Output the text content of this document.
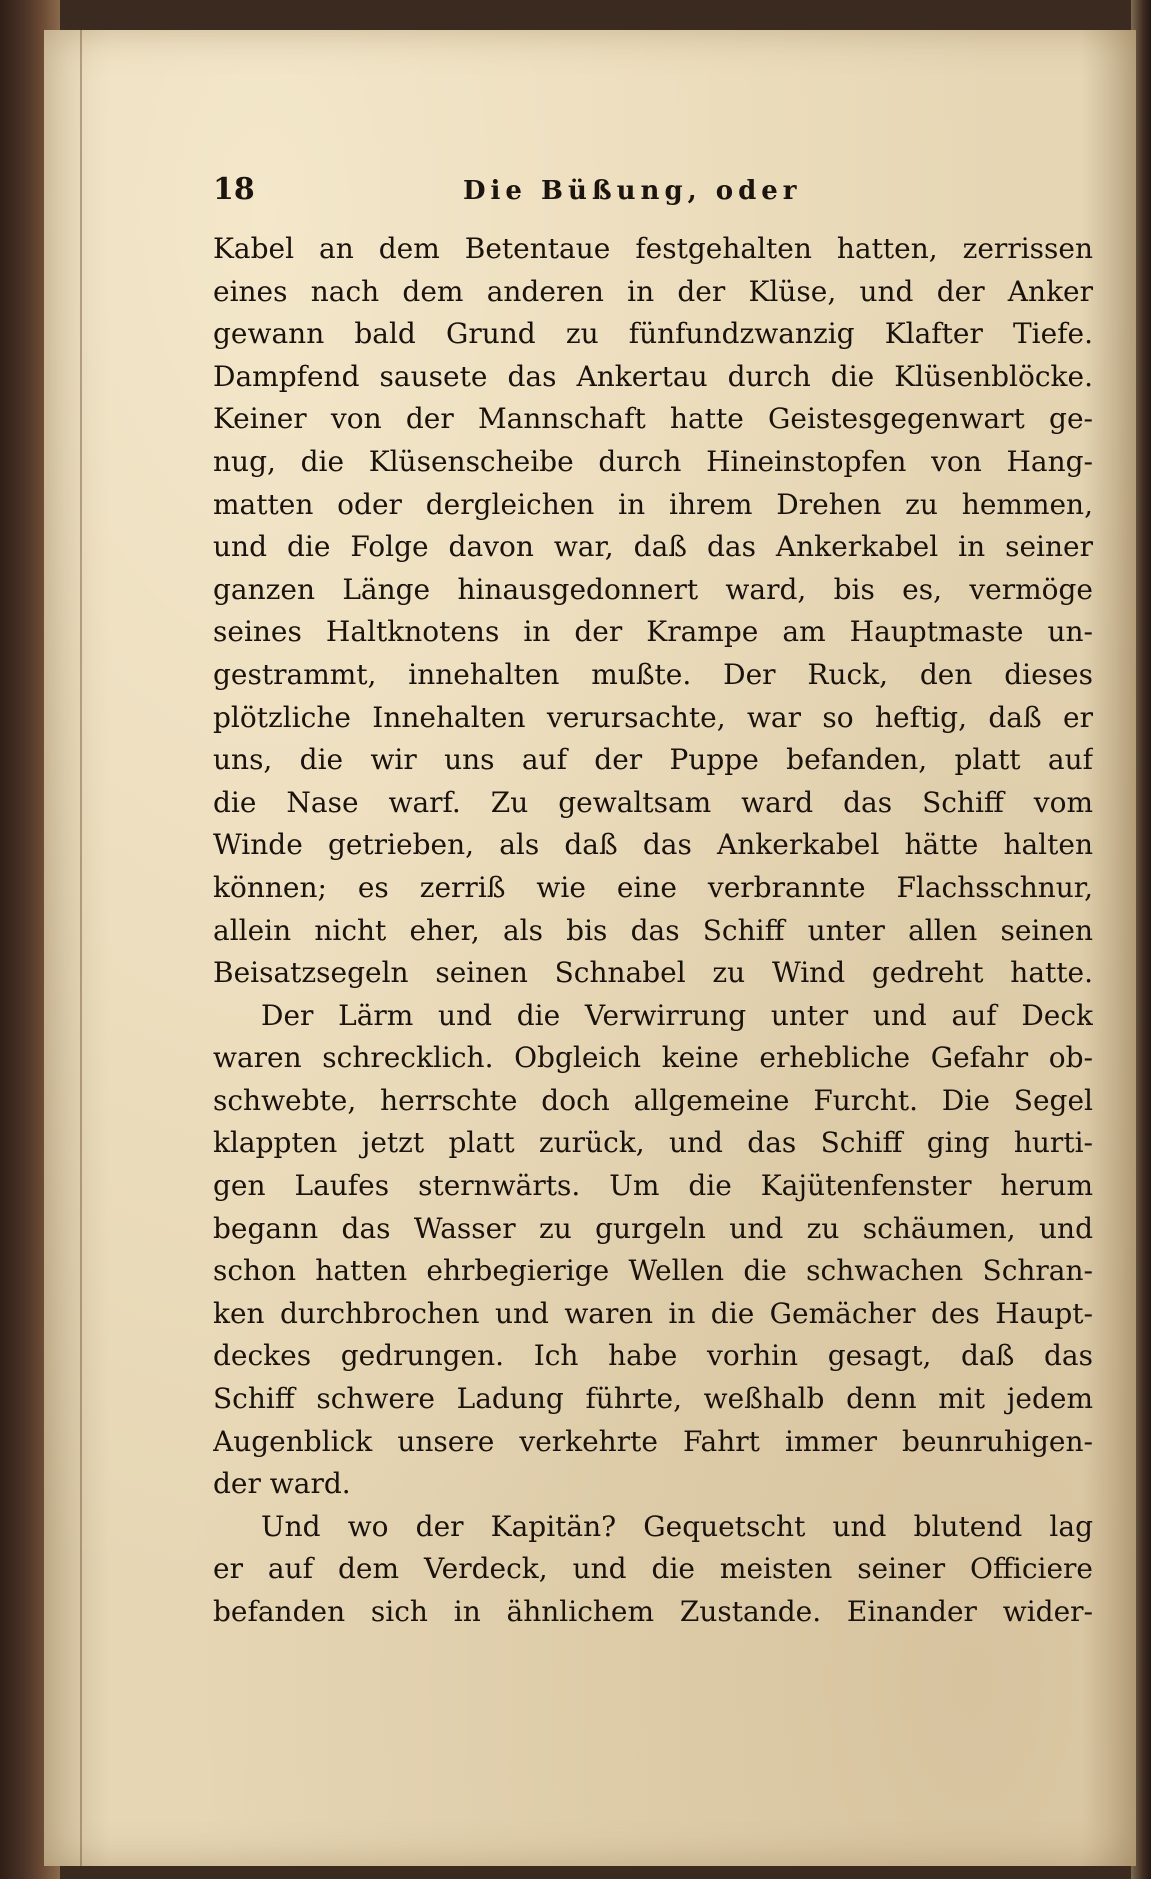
18	Die Büßung, oder
Kabel an dem Betentaue festgehalten hatten, zerrissen
eines nach dem anderen in der Klüse, und der Anker
gewann bald Grund zu fünfundzwanzig Klafter Tiefe.
Dampfend sausete das Ankertau durch die Klüsenblöcke.
Keiner von der Mannschaft hatte Geistesgegenwart ge-
nug, die Klüsenscheibe durch Hineinstopfen von Hang-
matten oder dergleichen in ihrem Drehen zu hemmen,
und die Folge davon war, daß das Ankerkabel in seiner
ganzen Länge hinausgedonnert ward, bis es, vermöge
seines Haltknotens in der Krampe am Hauptmaste un-
gestrammt, innehalten mußte. Der Ruck, den dieses
plötzliche Innehalten verursachte, war so heftig, daß er
uns, die wir uns auf der Puppe befanden, platt auf
die Nase warf. Zu gewaltsam ward das Schiff vom
Winde getrieben, als daß das Ankerkabel hätte halten
können; es zerriß wie eine verbrannte Flachsschnur,
allein nicht eher, als bis das Schiff unter allen seinen
Beisatzsegeln seinen Schnabel zu Wind gedreht hatte.
Der Lärm und die Verwirrung unter und auf Deck
waren schrecklich. Obgleich keine erhebliche Gefahr ob-
schwebte, herrschte doch allgemeine Furcht. Die Segel
klappten jetzt platt zurück, und das Schiff ging hurti-
gen Laufes sternwärts. Um die Kajütenfenster herum
begann das Wasser zu gurgeln und zu schäumen, und
schon hatten ehrbegierige Wellen die schwachen Schran-
ken durchbrochen und waren in die Gemächer des Haupt-
deckes gedrungen. Ich habe vorhin gesagt, daß das
Schiff schwere Ladung führte, weßhalb denn mit jedem
Augenblick unsere verkehrte Fahrt immer beunruhigen-
der ward.
Und wo der Kapitän? Gequetscht und blutend lag
er auf dem Verdeck, und die meisten seiner Officiere
befanden sich in ähnlichem Zustande. Einander wider-
